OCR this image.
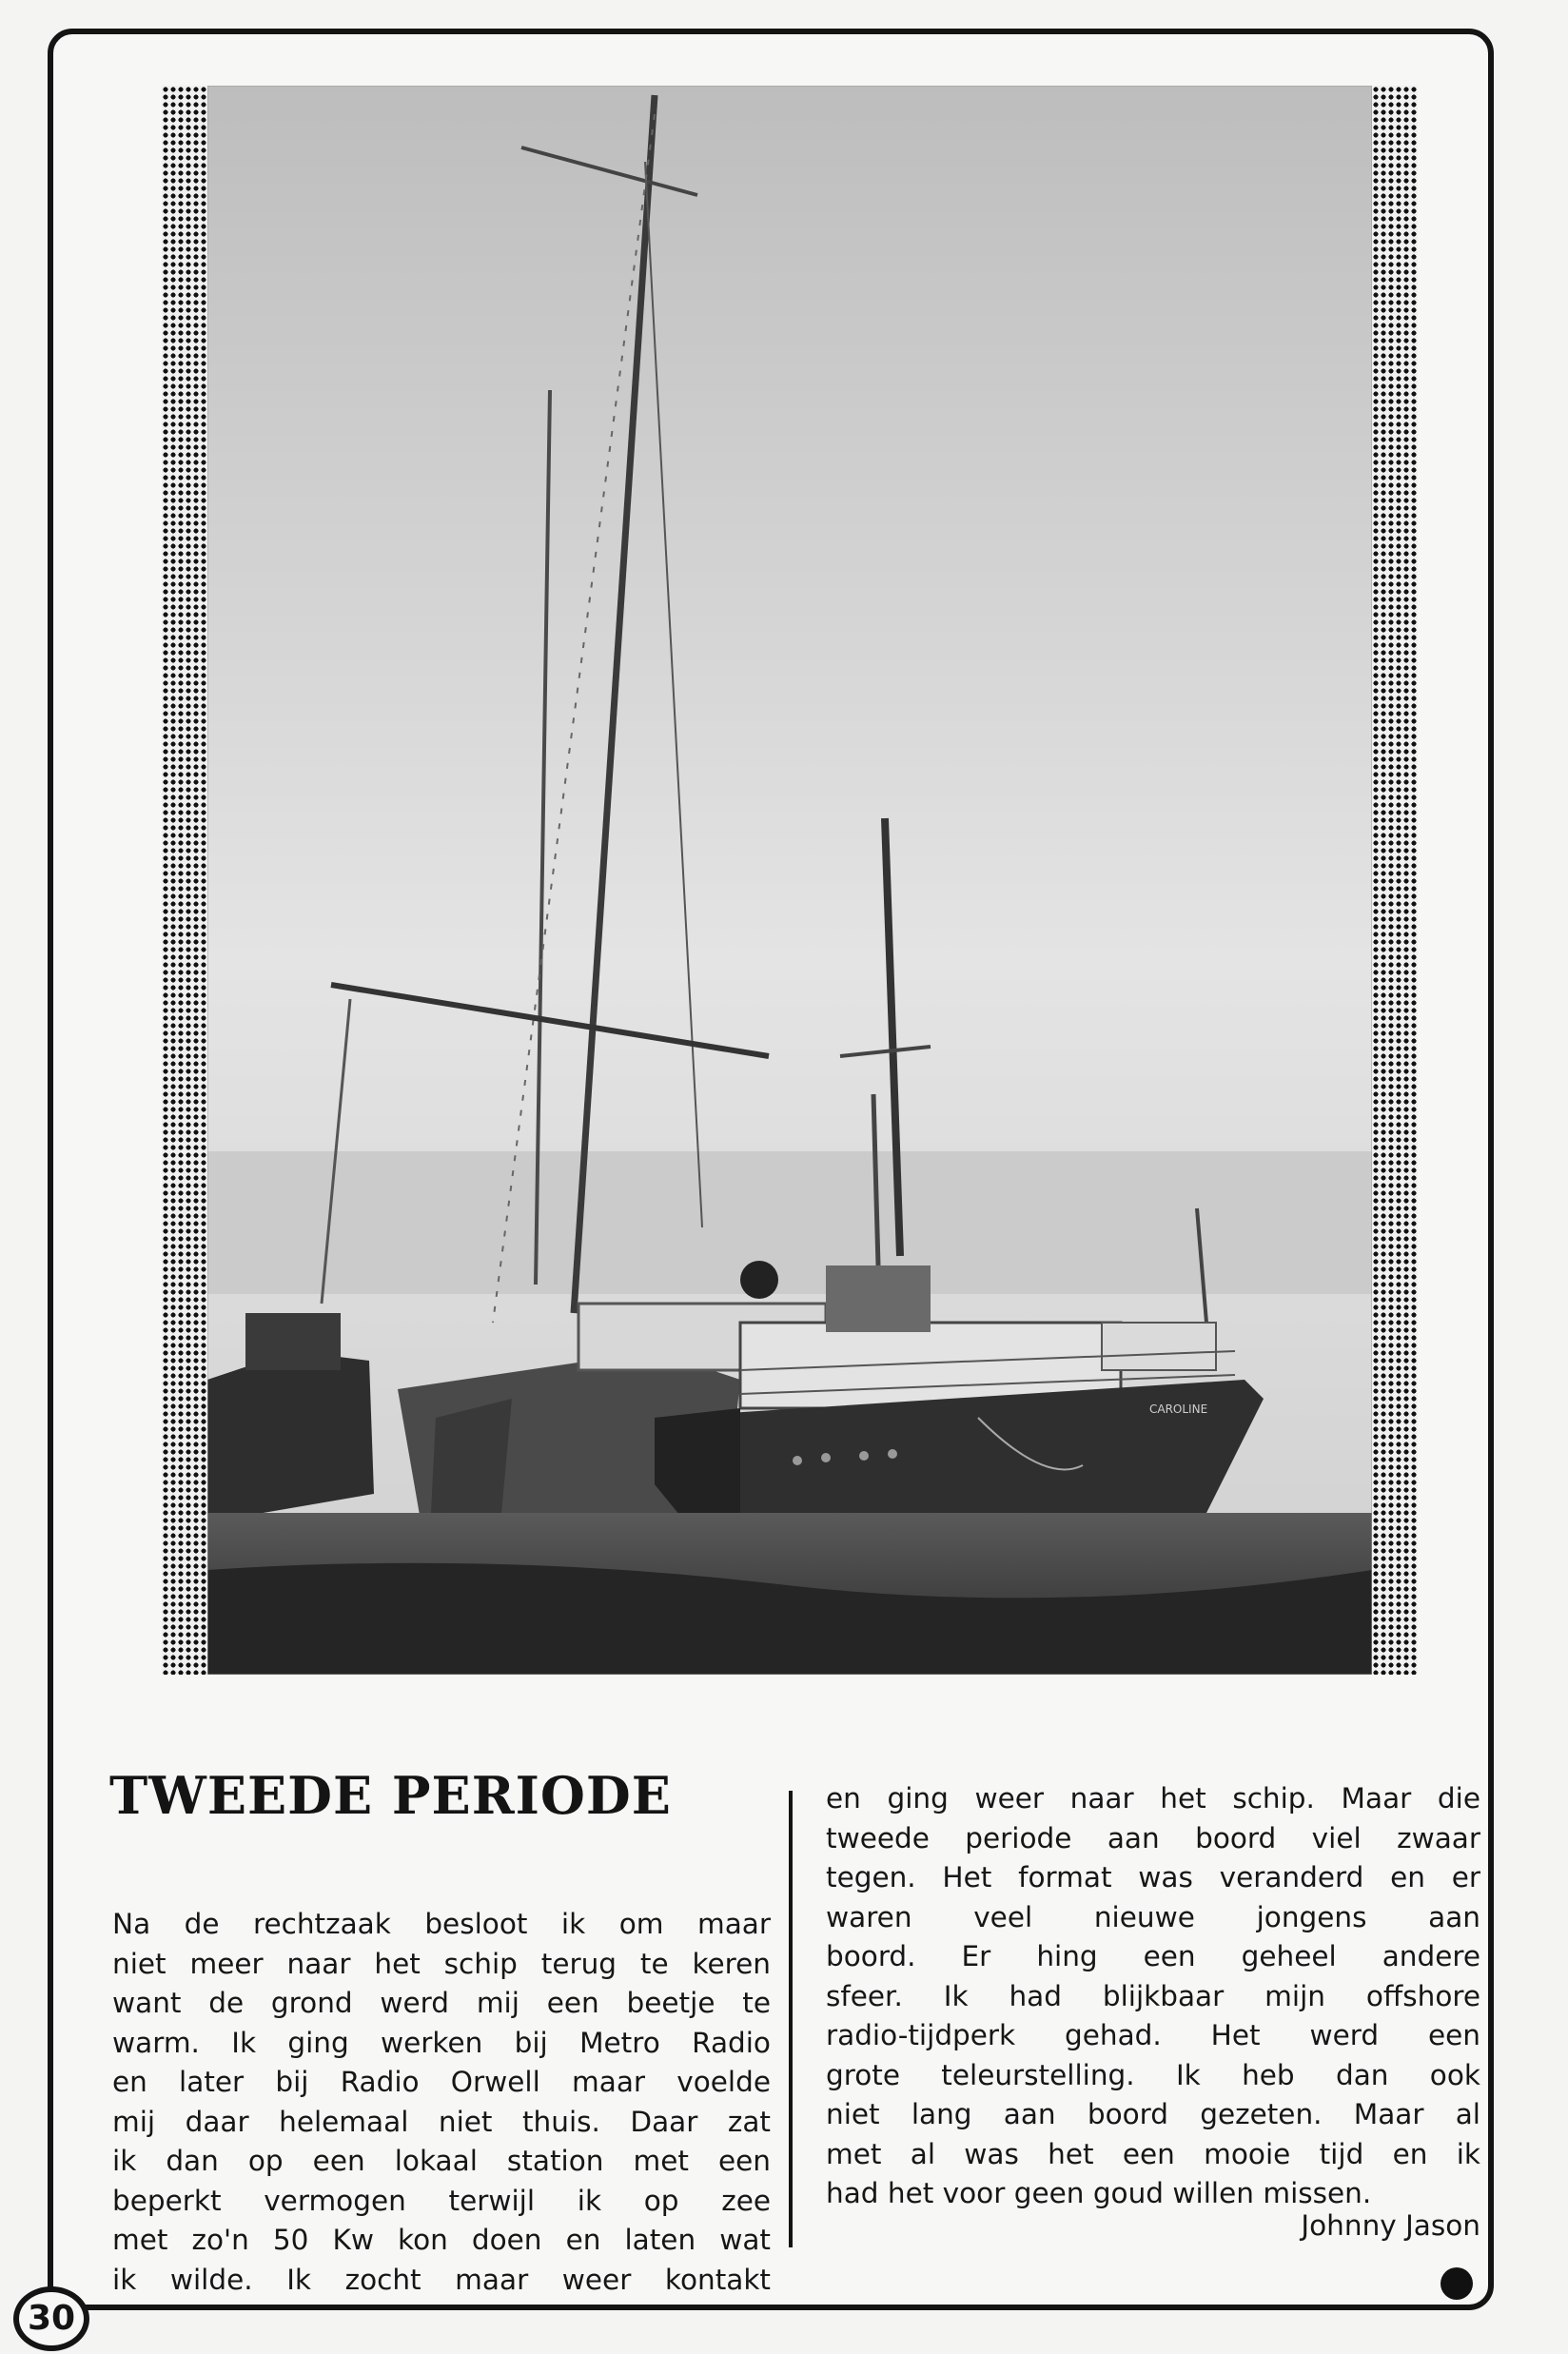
CAROLINE
TWEEDE PERIODE
Na de rechtzaak besloot ik om maar
niet meer naar het schip terug te keren
want de grond werd mij een beetje te
warm. Ik ging werken bij Metro Radio
en later bij Radio Orwell maar voelde
mij daar helemaal niet thuis. Daar zat
ik dan op een lokaal station met een
beperkt vermogen terwijl ik op zee
met zo'n 50 Kw kon doen en laten wat
ik wilde. Ik zocht maar weer kontakt
en ging weer naar het schip. Maar die
tweede periode aan boord viel zwaar
tegen. Het format was veranderd en er
waren veel nieuwe jongens aan
boord. Er hing een geheel andere
sfeer. Ik had blijkbaar mijn offshore
radio-tijdperk gehad. Het werd een
grote teleurstelling. Ik heb dan ook
niet lang aan boord gezeten. Maar al
met al was het een mooie tijd en ik
had het voor geen goud willen missen.
Johnny Jason
30
